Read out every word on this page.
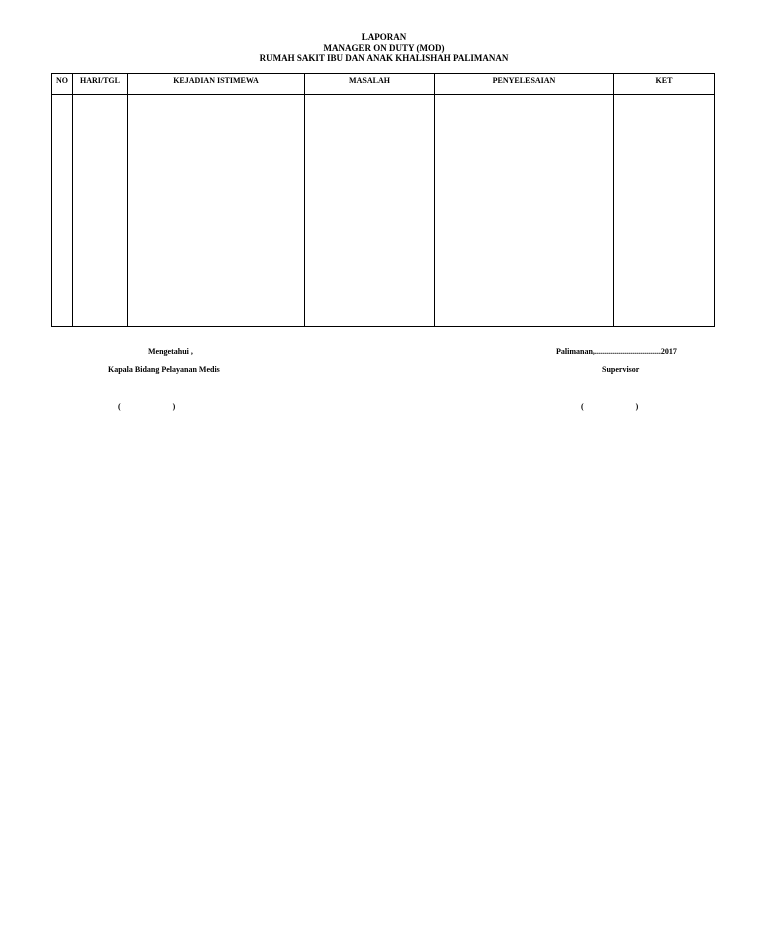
LAPORAN
MANAGER ON DUTY (MOD)
RUMAH SAKIT IBU DAN ANAK KHALISHAH PALIMANAN
NO	HARI/TGL	KEJADIAN ISTIMEWA	MASALAH	PENYELESAIAN	KET

Mengetahui ,	Palimanan,.................................2017
Kapala Bidang Pelayanan Medis	Supervisor
(                          )	(                          )
